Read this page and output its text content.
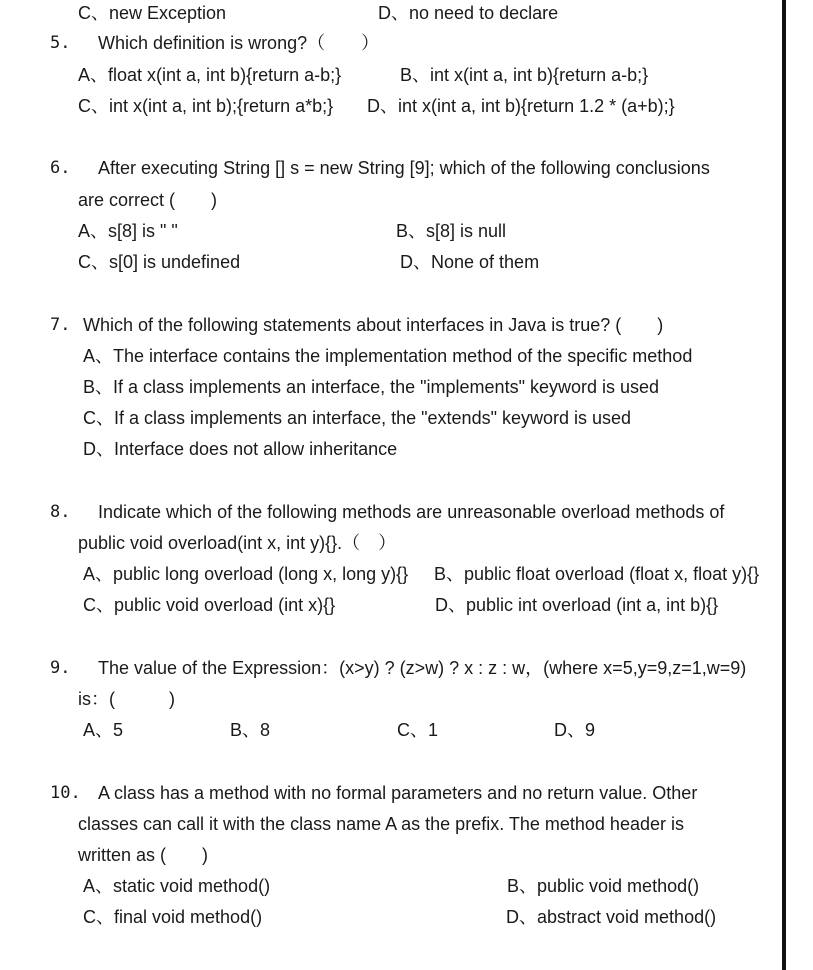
C、new Exception	D、no need to declare
5. Which definition is wrong?（　　）
A、float x(int a, int b){return a-b;}	B、int x(int a, int b){return a-b;}
C、int x(int a, int b);{return a*b;} D、int x(int a, int b){return 1.2 * (a+b);}
6. After executing String [] s = new String [9]; which of the following conclusions
are correct (　　)
A、s[8] is " "	B、s[8] is null
C、s[0] is undefined	D、None of them
7. Which of the following statements about interfaces in Java is true? (　　)
A、The interface contains the implementation method of the specific method
B、If a class implements an interface, the "implements" keyword is used
C、If a class implements an interface, the "extends" keyword is used
D、Interface does not allow inheritance
8. Indicate which of the following methods are unreasonable overload methods of
public void overload(int x, int y){}.（　）
A、public long overload (long x, long y){} B、public float overload (float x, float y){}
C、public void overload (int x){}	D、public int overload (int a, int b){}
9. The value of the Expression：(x>y) ? (z>w) ? x : z : w，(where x=5,y=9,z=1,w=9)
is：(　　　)
A、5	B、8	C、1	D、9
10. A class has a method with no formal parameters and no return value. Other
classes can call it with the class name A as the prefix. The method header is
written as (　　)
A、static void method()	B、public void method()
C、final void method()	D、abstract void method()
